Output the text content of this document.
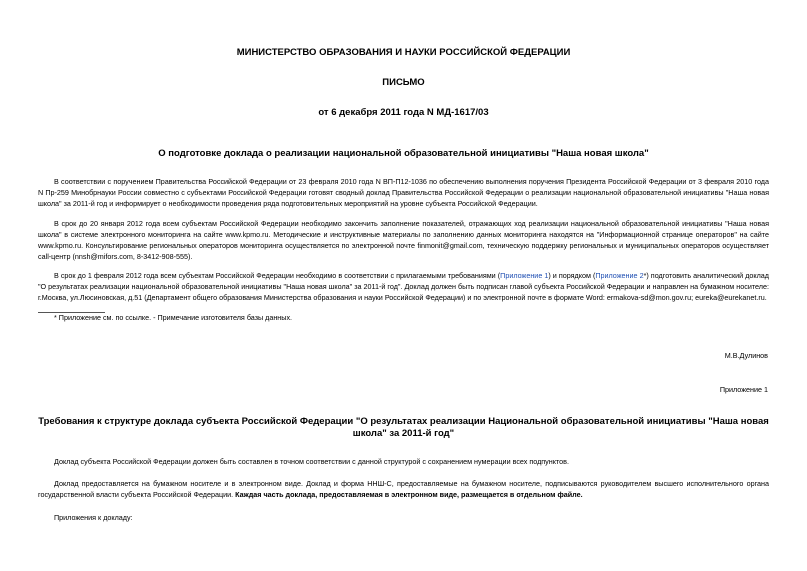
МИНИСТЕРСТВО ОБРАЗОВАНИЯ И НАУКИ РОССИЙСКОЙ ФЕДЕРАЦИИ

ПИСЬМО

от 6 декабря 2011 года N МД-1617/03

О подготовке доклада о реализации национальной образовательной инициативы "Наша новая школа"

В соответствии с поручением Правительства Российской Федерации от 23 февраля 2010 года N ВП-П12-1036 по обеспечению выполнения поручения Президента Российской Федерации от 3 февраля 2010 года N Пр-259 Минобрнауки России совместно с субъектами Российской Федерации готовят сводный доклад Правительства Российской Федерации о реализации национальной образовательной инициативы "Наша новая школа" за 2011-й год и информирует о необходимости проведения ряда подготовительных мероприятий на уровне субъекта Российской Федерации.

В срок до 20 января 2012 года всем субъектам Российской Федерации необходимо закончить заполнение показателей, отражающих ход реализации национальной образовательной инициативы "Наша новая школа" в системе электронного мониторинга на сайте www.kpmo.ru. Методические и инструктивные материалы по заполнению данных мониторинга находятся на "Информационной странице операторов" на сайте www.kpmo.ru. Консультирование региональных операторов мониторинга осуществляется по электронной почте finmonit@gmail.com, техническую поддержку региональных и муниципальных операторов осуществляет call-центр (nnsh@mifors.com, 8-3412-908-555).

В срок до 1 февраля 2012 года всем субъектам Российской Федерации необходимо в соответствии с прилагаемыми требованиями (Приложение 1) и порядком (Приложение 2*) подготовить аналитический доклад "О результатах реализации национальной образовательной инициативы "Наша новая школа" за 2011-й год". Доклад должен быть подписан главой субъекта Российской Федерации и направлен на бумажном носителе: г.Москва, ул.Люсиновская, д.51 (Департамент общего образования Министерства образования и науки Российской Федерации) и по электронной почте в формате Word: ermakova-sd@mon.gov.ru; eureka@eurekanet.ru.

* Приложение см. по ссылке. - Примечание изготовителя базы данных.

М.В.Дулинов

Приложение 1

Требования к структуре доклада субъекта Российской Федерации "О результатах реализации Национальной образовательной инициативы "Наша новая школа" за 2011-й год"

Доклад субъекта Российской Федерации должен быть составлен в точном соответствии с данной структурой с сохранением нумерации всех подпунктов.

Доклад предоставляется на бумажном носителе и в электронном виде. Доклад и форма ННШ-С, предоставляемые на бумажном носителе, подписываются руководителем высшего исполнительного органа государственной власти субъекта Российской Федерации. Каждая часть доклада, предоставляемая в электронном виде, размещается в отдельном файле.

Приложения к докладу:
